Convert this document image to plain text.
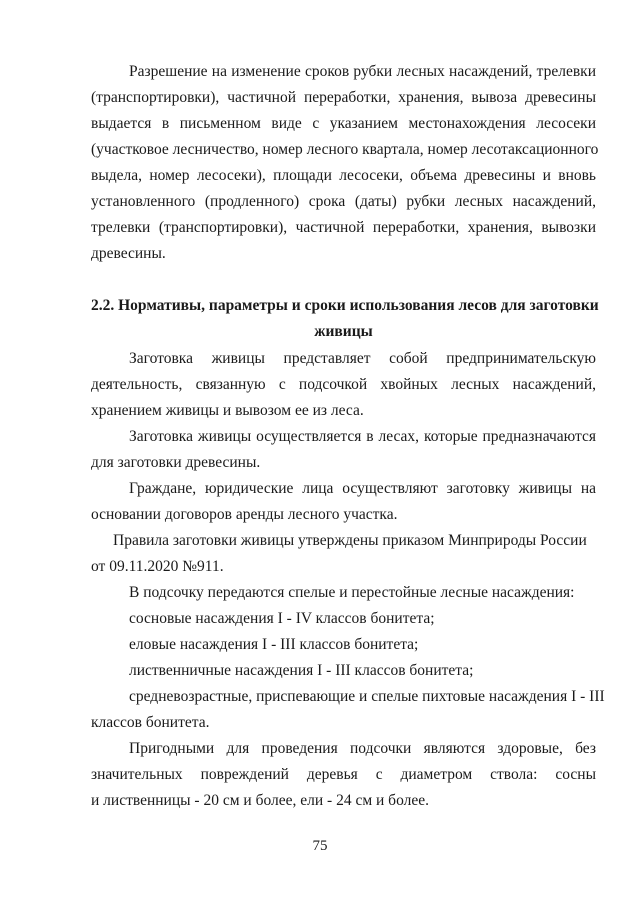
Разрешение на изменение сроков рубки лесных насаждений, трелевки
(транспортировки), частичной переработки, хранения, вывоза древесины
выдается в письменном виде с указанием местонахождения лесосеки
(участковое лесничество, номер лесного квартала, номер лесотаксационного
выдела, номер лесосеки), площади лесосеки, объема древесины и вновь
установленного (продленного) срока (даты) рубки лесных насаждений,
трелевки (транспортировки), частичной переработки, хранения, вывозки
древесины.
2.2. Нормативы, параметры и сроки использования лесов для заготовки
живицы
Заготовка живицы представляет собой предпринимательскую
деятельность, связанную с подсочкой хвойных лесных насаждений,
хранением живицы и вывозом ее из леса.
Заготовка живицы осуществляется в лесах, которые предназначаются
для заготовки древесины.
Граждане, юридические лица осуществляют заготовку живицы на
основании договоров аренды лесного участка.
Правила заготовки живицы утверждены приказом Минприроды России
от 09.11.2020 №911.
В подсочку передаются спелые и перестойные лесные насаждения:
сосновые насаждения I - IV классов бонитета;
еловые насаждения I - III классов бонитета;
лиственничные насаждения I - III классов бонитета;
средневозрастные, приспевающие и спелые пихтовые насаждения I - III
классов бонитета.
Пригодными для проведения подсочки являются здоровые, без
значительных повреждений деревья с диаметром ствола: сосны
и лиственницы - 20 см и более, ели - 24 см и более.
75
